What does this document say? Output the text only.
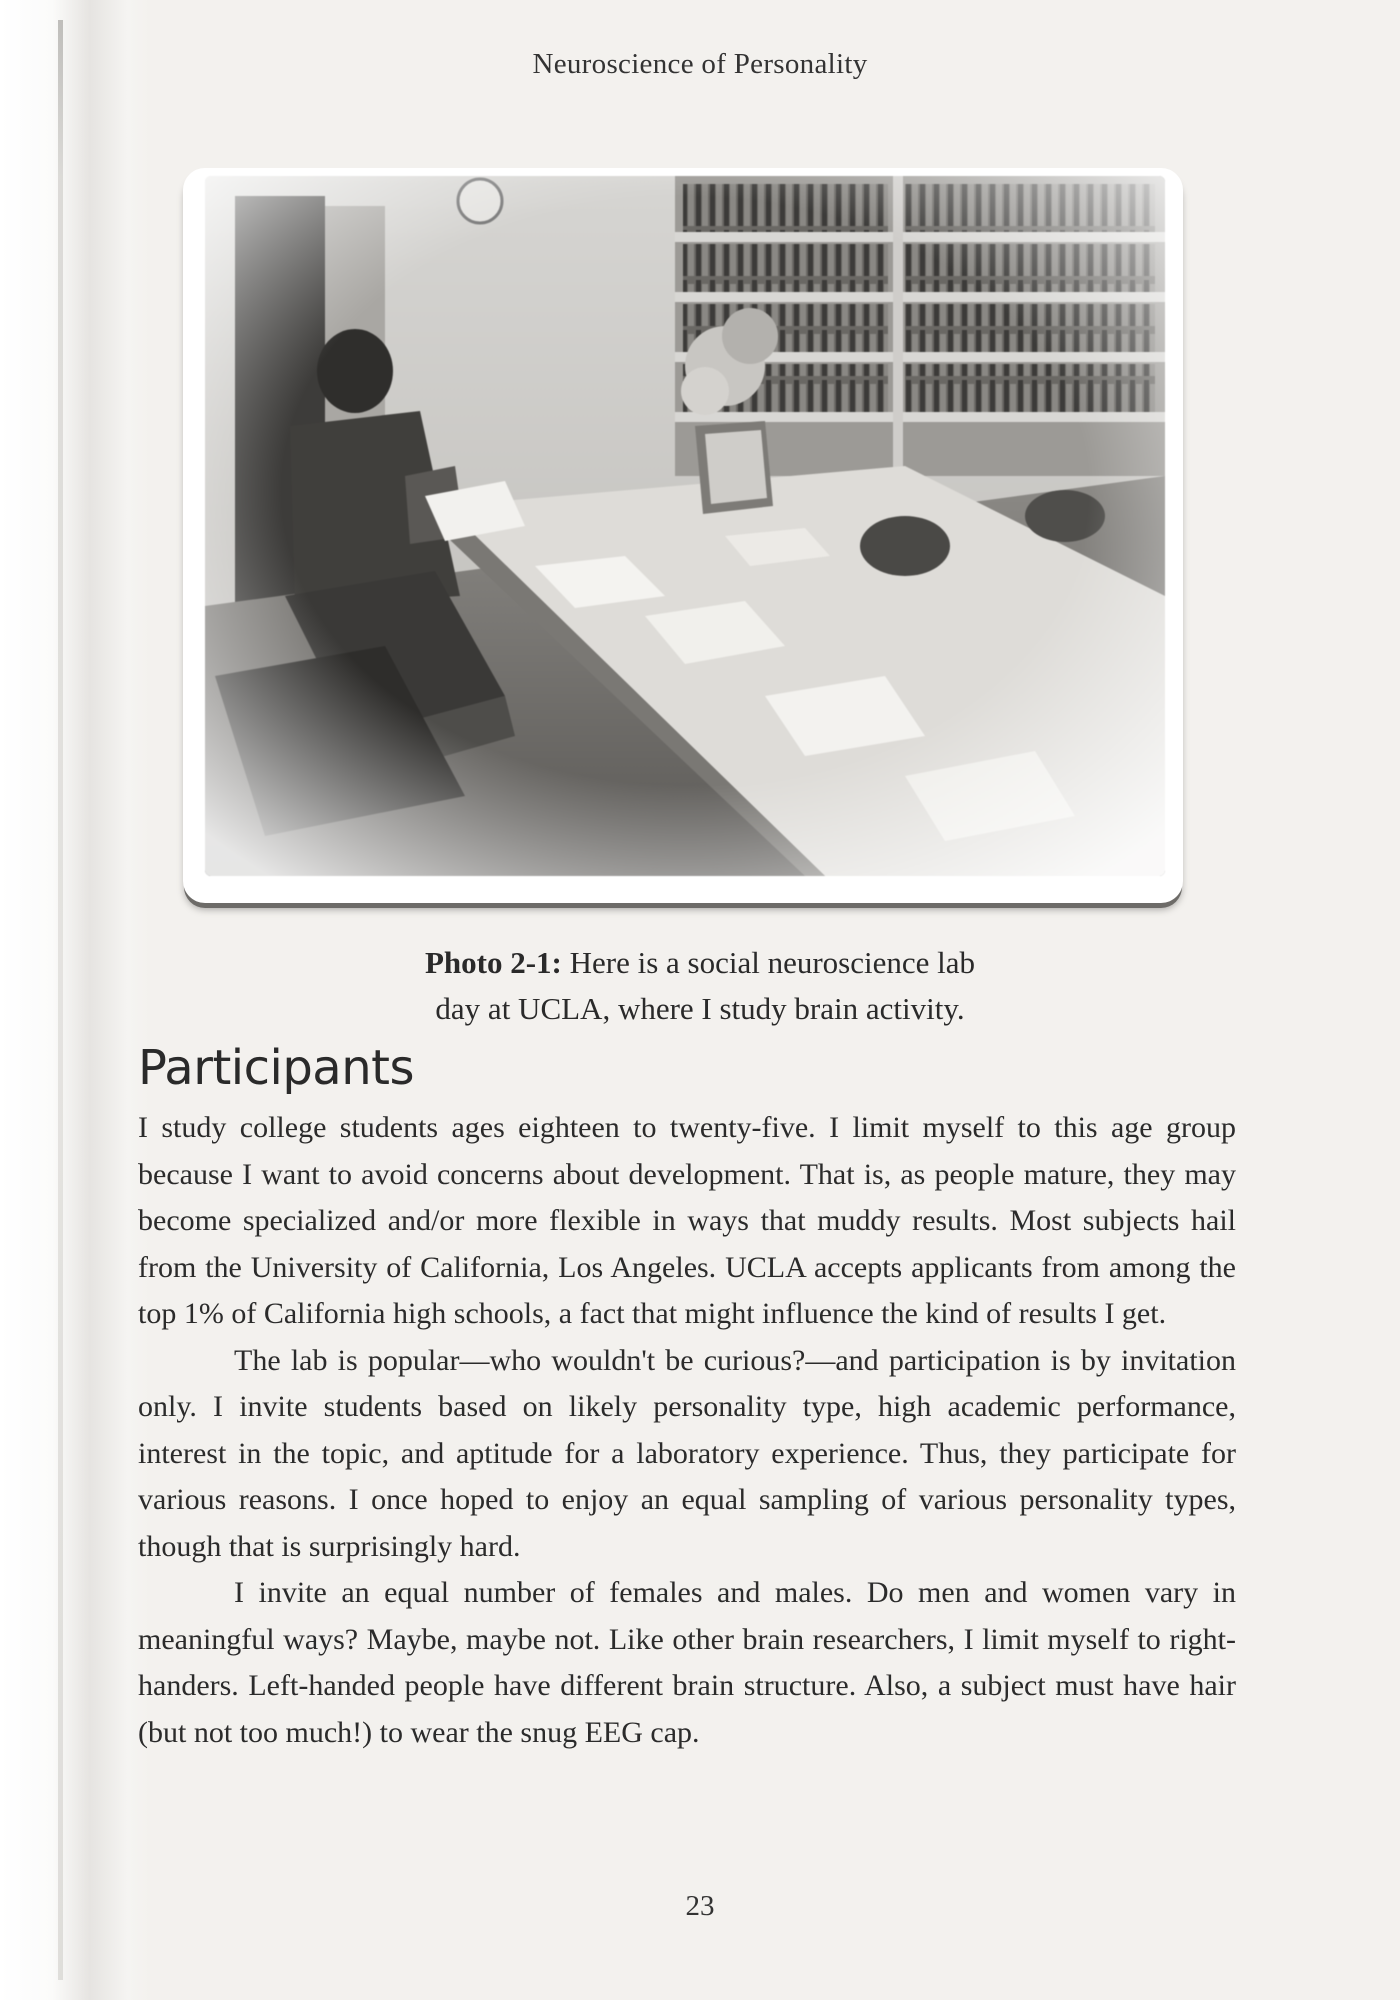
Neuroscience of Personality
Photo 2-1: Here is a social neuroscience lab
day at UCLA, where I study brain activity.
Participants

I study college students ages eighteen to twenty-five. I limit myself to this age group because I want to avoid concerns about development. That is, as people mature, they may become specialized and/or more flexible in ways that muddy results. Most subjects hail from the University of California, Los Angeles. UCLA accepts applicants from among the top 1% of California high schools, a fact that might influence the kind of results I get.

The lab is popular—who wouldn't be curious?—and participation is by invitation only. I invite students based on likely personality type, high academic performance, interest in the topic, and aptitude for a laboratory experience. Thus, they participate for various reasons. I once hoped to enjoy an equal sampling of various personality types, though that is surprisingly hard.

I invite an equal number of females and males. Do men and women vary in meaningful ways? Maybe, maybe not. Like other brain researchers, I limit myself to right-handers. Left-handed people have different brain structure. Also, a subject must have hair (but not too much!) to wear the snug EEG cap.

23
